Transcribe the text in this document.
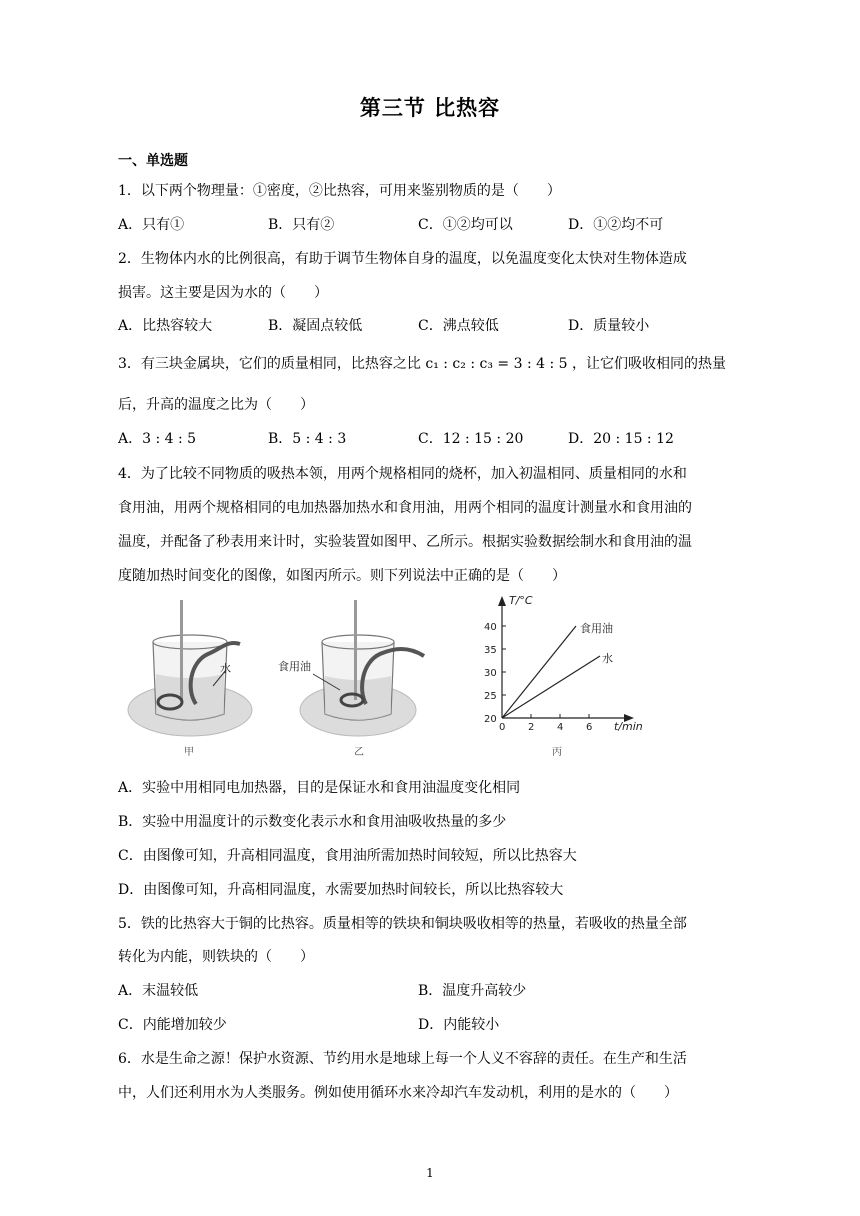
第三节 比热容
一、单选题
1．以下两个物理量：①密度，②比热容，可用来鉴别物质的是（　　）
A．只有①	B．只有②	C．①②均可以	D．①②均不可
2．生物体内水的比例很高，有助于调节生物体自身的温度，以免温度变化太快对生物体造成
损害。这主要是因为水的（　　）
A．比热容较大	B．凝固点较低	C．沸点较低	D．质量较小
3．有三块金属块，它们的质量相同，比热容之比 c₁ : c₂ : c₃ = 3 : 4 : 5 ，让它们吸收相同的热量
后，升高的温度之比为（　　）
A．3 : 4 : 5	B．5 : 4 : 3	C．12 : 15 : 20	D．20 : 15 : 12
4．为了比较不同物质的吸热本领，用两个规格相同的烧杯，加入初温相同、质量相同的水和
食用油，用两个规格相同的电加热器加热水和食用油，用两个相同的温度计测量水和食用油的
温度，并配备了秒表用来计时，实验装置如图甲、乙所示。根据实验数据绘制水和食用油的温
度随加热时间变化的图像，如图丙所示。则下列说法中正确的是（　　）
水
甲
食用油
乙
T/°C
t/min
40
35
30
25
20
0 2 4 6
食用油
水
丙
A．实验中用相同电加热器，目的是保证水和食用油温度变化相同
B．实验中用温度计的示数变化表示水和食用油吸收热量的多少
C．由图像可知，升高相同温度，食用油所需加热时间较短，所以比热容大
D．由图像可知，升高相同温度，水需要加热时间较长，所以比热容较大
5．铁的比热容大于铜的比热容。质量相等的铁块和铜块吸收相等的热量，若吸收的热量全部
转化为内能，则铁块的（　　）
A．末温较低	B．温度升高较少
C．内能增加较少	D．内能较小
6．水是生命之源！保护水资源、节约用水是地球上每一个人义不容辞的责任。在生产和生活
中，人们还利用水为人类服务。例如使用循环水来冷却汽车发动机，利用的是水的（　　）
1
